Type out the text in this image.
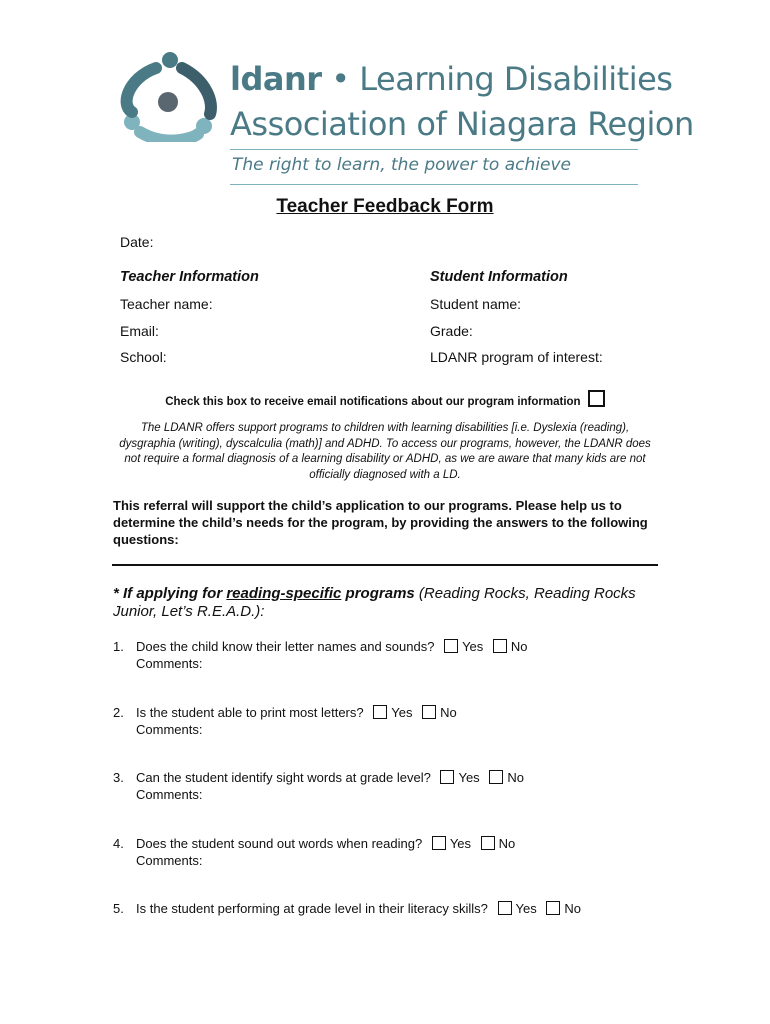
ldanr • Learning Disabilities
Association of Niagara Region
The right to learn, the power to achieve
Teacher Feedback Form
Date:
Teacher Information
Teacher name:
Email:
School:
Student Information
Student name:
Grade:
LDANR program of interest:
Check this box to receive email notifications about our program information
The LDANR offers support programs to children with learning disabilities [i.e. Dyslexia (reading), dysgraphia (writing), dyscalculia (math)] and ADHD. To access our programs, however, the LDANR does not require a formal diagnosis of a learning disability or ADHD, as we are aware that many kids are not officially diagnosed with a LD.
This referral will support the child’s application to our programs. Please help us to determine the child’s needs for the program, by providing the answers to the following questions:
* If applying for reading-specific programs (Reading Rocks, Reading Rocks Junior, Let’s R.E.A.D.):
1. Does the child know their letter names and sounds? Yes No
Comments:
2. Is the student able to print most letters? Yes No
Comments:
3. Can the student identify sight words at grade level? Yes No
Comments:
4. Does the student sound out words when reading? Yes No
Comments:
5. Is the student performing at grade level in their literacy skills? Yes No
